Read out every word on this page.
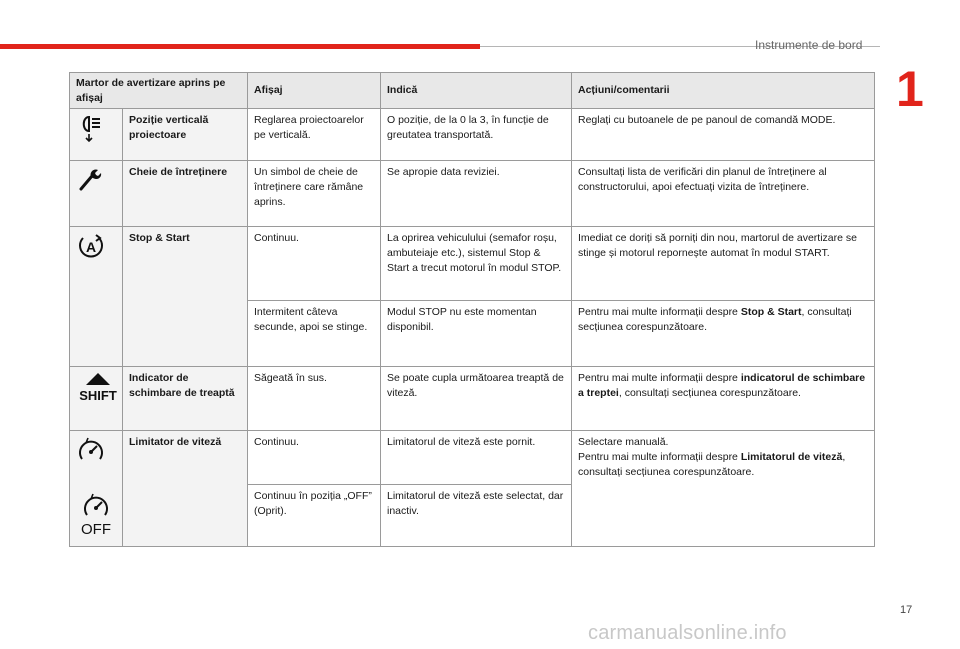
Instrumente de bord
1
Martor de avertizare aprins pe afișaj		Afișaj	Indică	Acțiuni/comentarii
	Poziție verticală proiectoare	Reglarea proiectoarelor pe verticală.	O poziție, de la 0 la 3, în funcție de greutatea transportată.	Reglați cu butoanele de pe panoul de comandă MODE.
	Cheie de întreținere	Un simbol de cheie de întreținere care rămâne aprins.	Se apropie data reviziei.	Consultați lista de verificări din planul de întreținere al constructorului, apoi efectuați vizita de întreținere.

A	Stop & Start	Continuu.	La oprirea vehiculului (semafor roșu, ambuteiaje etc.), sistemul Stop & Start a trecut motorul în modul STOP.	Imediat ce doriți să porniți din nou, martorul de avertizare se stinge și motorul repornește automat în modul START.
		Intermitent câteva secunde, apoi se stinge.	Modul STOP nu este momentan disponibil.	Pentru mai multe informații despre Stop & Start, consultați secțiunea corespunzătoare.

SHIFT	Indicator de schimbare de treaptă	Săgeată în sus.	Se poate cupla următoarea treaptă de viteză.	Pentru mai multe informații despre indicatorul de schimbare a treptei, consultați secțiunea corespunzătoare.
	Limitator de viteză	Continuu.	Limitatorul de viteză este pornit.	Selectare manuală.
Pentru mai multe informații despre Limitatorul de viteză, consultați secțiunea corespunzătoare.

OFF		Continuu în poziția „OFF” (Oprit).	Limitatorul de viteză este selectat, dar inactiv.	
17
carmanualsonline.info
